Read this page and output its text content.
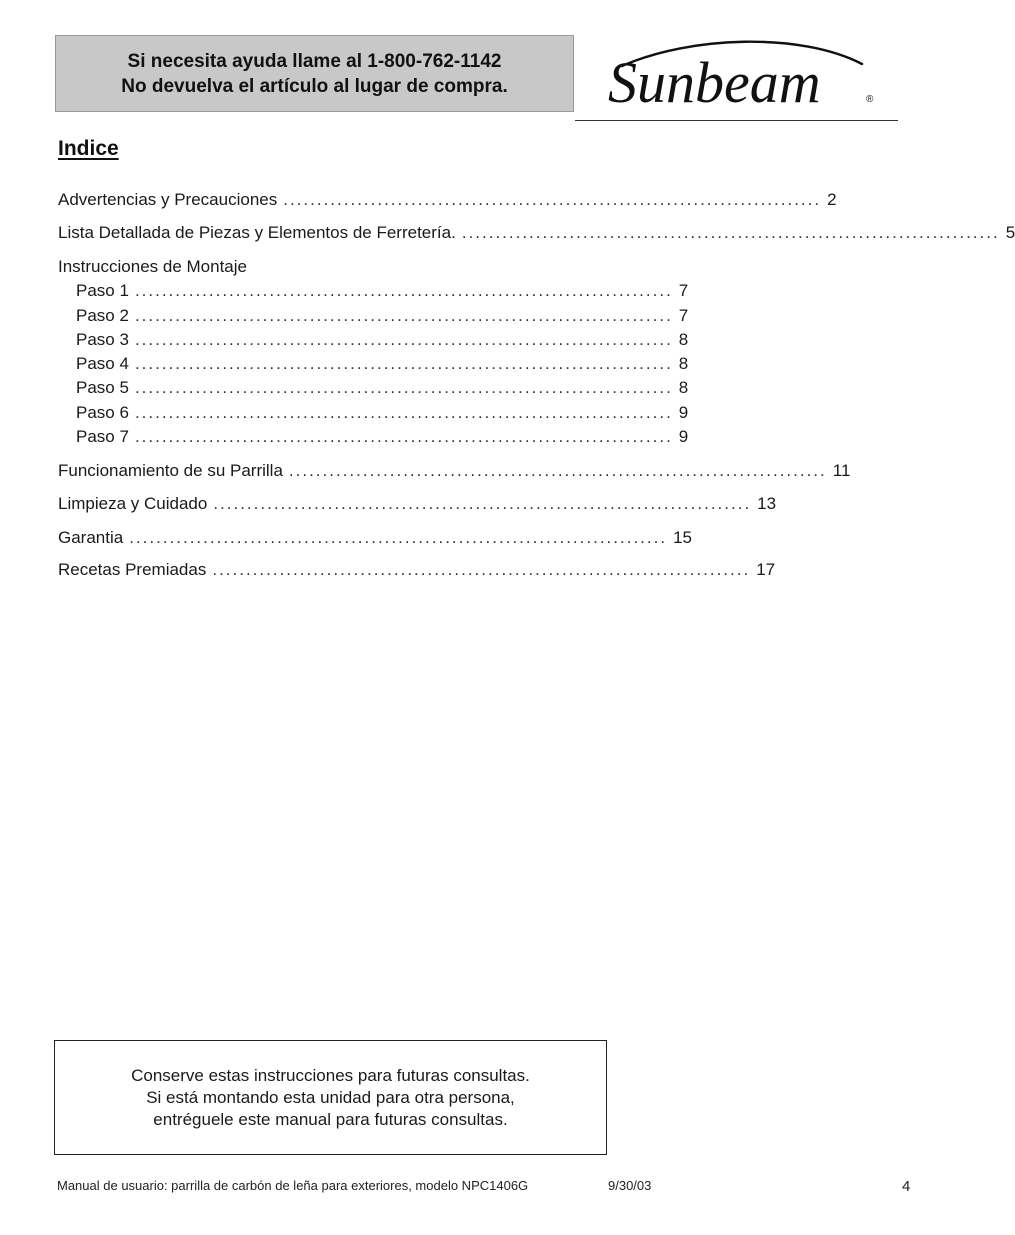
Si necesita ayuda llame al 1-800-762-1142
No devuelva el artículo al lugar de compra. Sunbeam	®
Indice
Advertencias y Precauciones ................................................................................ 2
Lista Detallada de Piezas y Elementos de Ferretería. ................................................................................ 5
Instrucciones de Montaje
Paso 1 ................................................................................ 7
Paso 2 ................................................................................ 7
Paso 3 ................................................................................ 8
Paso 4 ................................................................................ 8
Paso 5 ................................................................................ 8
Paso 6 ................................................................................ 9
Paso 7 ................................................................................ 9
Funcionamiento de su Parrilla ................................................................................ 11
Limpieza y Cuidado ................................................................................ 13
Garantia ................................................................................ 15
Recetas Premiadas ................................................................................ 17
Conserve estas instrucciones para futuras consultas.
Si está montando esta unidad para otra persona,
entréguele este manual para futuras consultas.
Manual de usuario: parrilla de carbón de leña para exteriores, modelo NPC1406G	9/30/03	4
